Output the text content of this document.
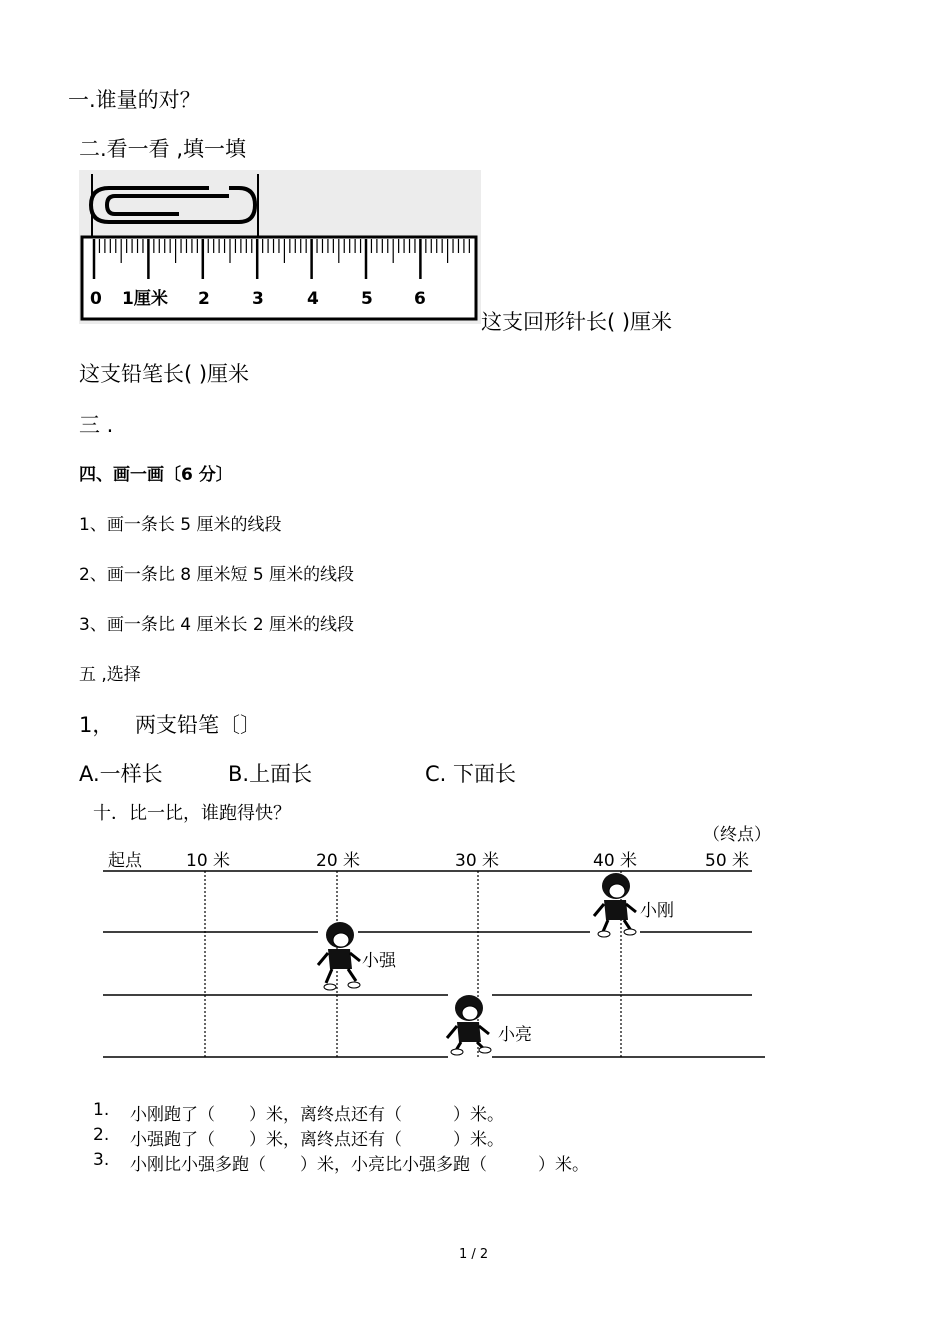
一.谁量的对？
二.看一看 ,填一填
0 1厘米 2 3	4 5 6
这支回形针长( )厘米
这支铅笔长( )厘米
三 .
四、画一画〔6 分〕
1、画一条长 5 厘米的线段
2、画一条比 8 厘米短 5 厘米的线段
3、画一条比 4 厘米长 2 厘米的线段
五 ,选择
1， 两支铅笔〔〕
A.一样长	B.上面长	C. 下面长
十．比一比，谁跑得快？
（终点）
起点	10 米	20 米	30 米	40 米	50 米
小刚
小强
小亮
1. 小刚跑了（　　）米，离终点还有（　　　）米。
2. 小强跑了（　　）米，离终点还有（　　　）米。
3. 小刚比小强多跑（　　）米，小亮比小强多跑（　　　）米。
1 / 2
